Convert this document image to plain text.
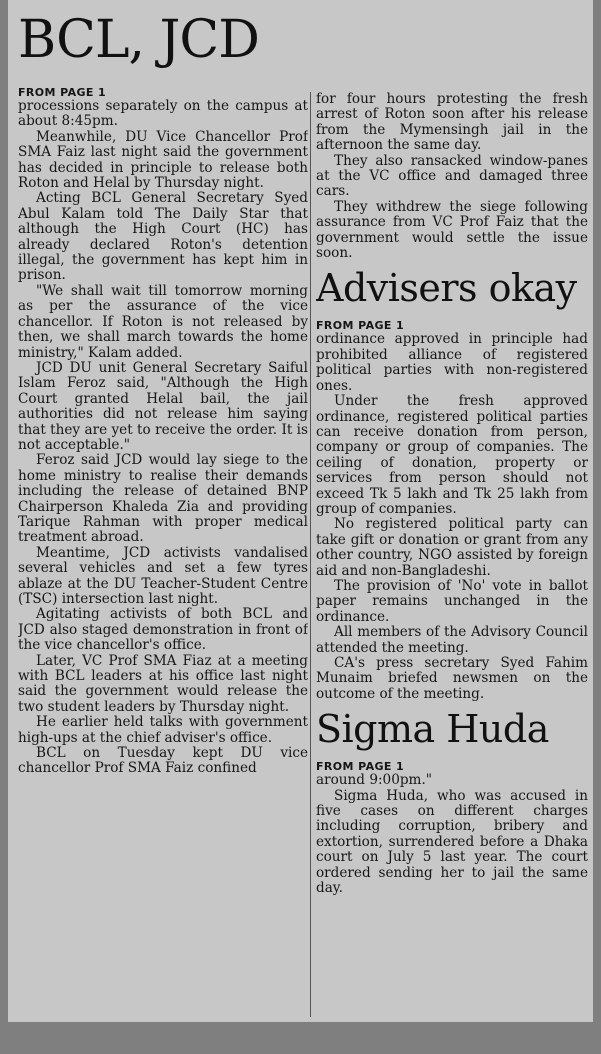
BCL, JCD
FROM PAGE 1

processions separately on the campus at about 8:45pm.

Meanwhile, DU Vice Chancellor Prof SMA Faiz last night said the government has decided in principle to release both Roton and Helal by Thursday night.

Acting BCL General Secretary Syed Abul Kalam told The Daily Star that although the High Court (HC) has already declared Roton's detention illegal, the government has kept him in prison.

"We shall wait till tomorrow morning as per the assurance of the vice chancellor. If Roton is not released by then, we shall march towards the home ministry," Kalam added.

JCD DU unit General Secretary Saiful Islam Feroz said, "Although the High Court granted Helal bail, the jail authorities did not release him saying that they are yet to receive the order. It is not acceptable."

Feroz said JCD would lay siege to the home ministry to realise their demands including the release of detained BNP Chairperson Khaleda Zia and providing Tarique Rahman with proper medical treatment abroad.

Meantime, JCD activists vandalised several vehicles and set a few tyres ablaze at the DU Teacher-Student Centre (TSC) intersection last night.

Agitating activists of both BCL and JCD also staged demonstration in front of the vice chancellor's office.

Later, VC Prof SMA Fiaz at a meeting with BCL leaders at his office last night said the government would release the two student leaders by Thursday night.

He earlier held talks with government high-ups at the chief adviser's office.

BCL on Tuesday kept DU vice chancellor Prof SMA Faiz confined

for four hours protesting the fresh arrest of Roton soon after his release from the Mymensingh jail in the afternoon the same day.

They also ransacked window-panes at the VC office and damaged three cars.

They withdrew the siege following assurance from VC Prof Faiz that the government would settle the issue soon.

Advisers okay
FROM PAGE 1

ordinance approved in principle had prohibited alliance of registered political parties with non-registered ones.

Under the fresh approved ordinance, registered political parties can receive donation from person, company or group of companies. The ceiling of donation, property or services from person should not exceed Tk 5 lakh and Tk 25 lakh from group of companies.

No registered political party can take gift or donation or grant from any other country, NGO assisted by foreign aid and non-Bangladeshi.

The provision of 'No' vote in ballot paper remains unchanged in the ordinance.

All members of the Advisory Council attended the meeting.

CA's press secretary Syed Fahim Munaim briefed newsmen on the outcome of the meeting.

Sigma Huda
FROM PAGE 1

around 9:00pm."

Sigma Huda, who was accused in five cases on different charges including corruption, bribery and extortion, surrendered before a Dhaka court on July 5 last year. The court ordered sending her to jail the same day.
